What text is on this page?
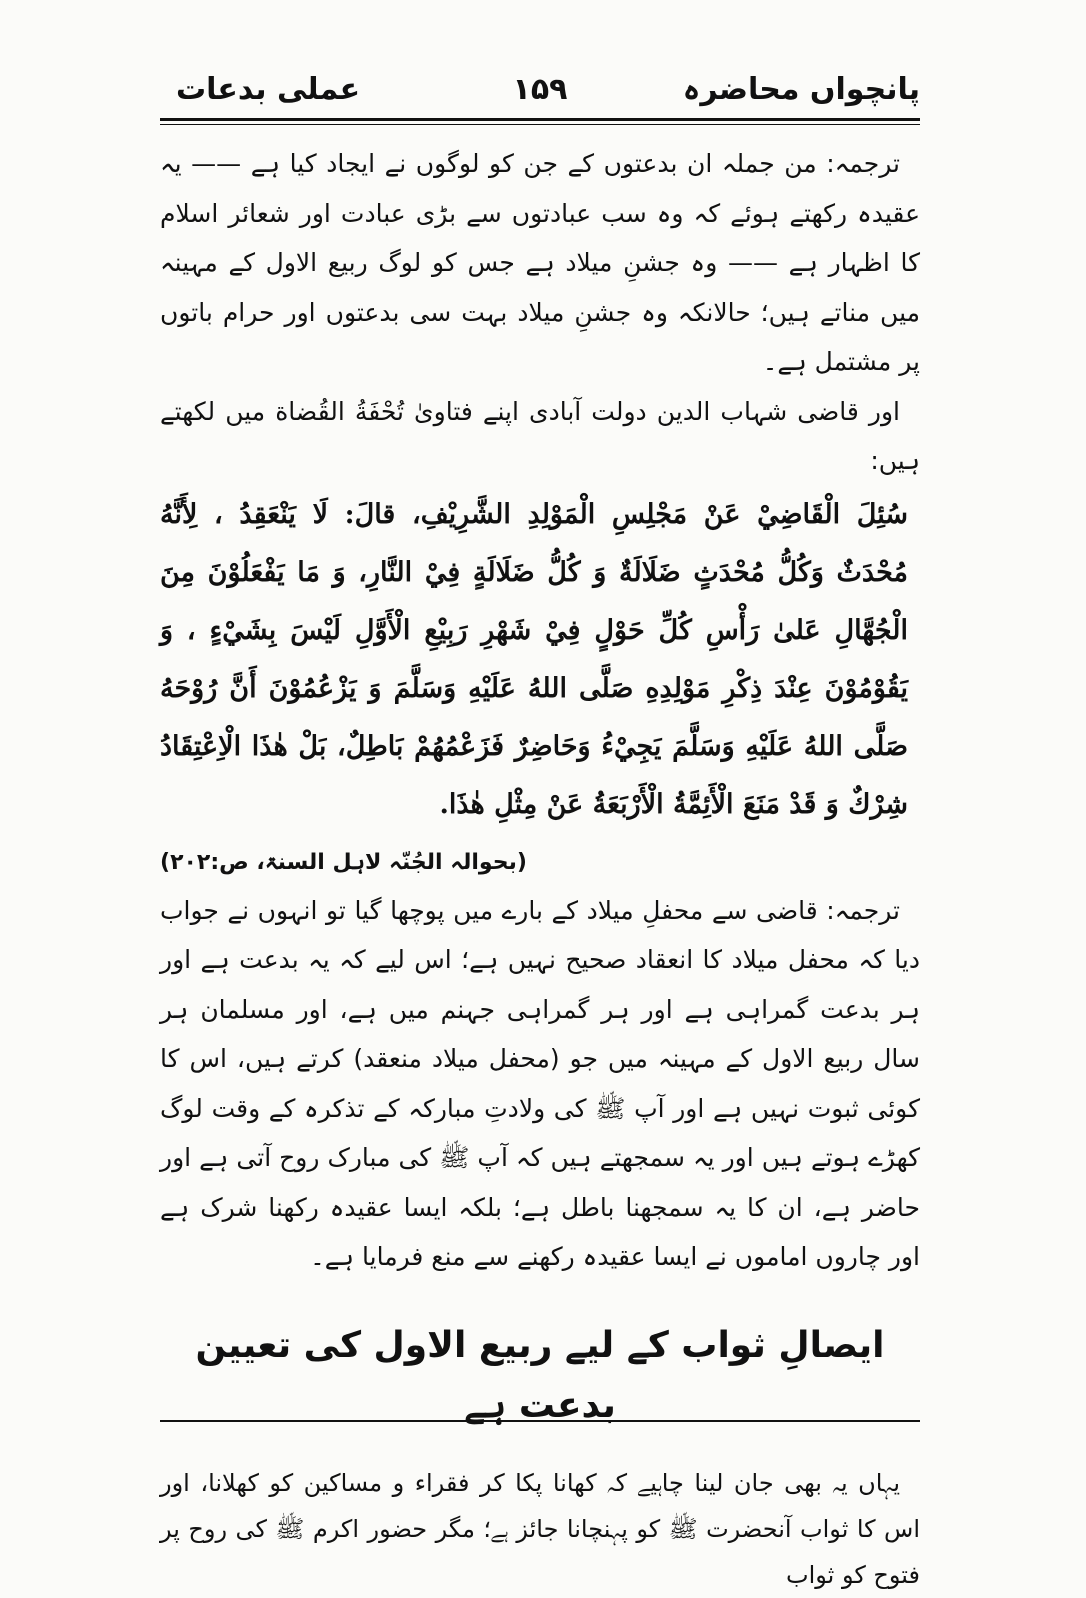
پانچواں محاضرہ
۱۵۹
عملی بدعات

ترجمہ: من جملہ ان بدعتوں کے جن کو لوگوں نے ایجاد کیا ہے —— یہ عقیدہ رکھتے ہوئے کہ وہ سب عبادتوں سے بڑی عبادت اور شعائر اسلام کا اظہار ہے —— وہ جشنِ میلاد ہے جس کو لوگ ربیع الاول کے مہینہ میں مناتے ہیں؛ حالانکہ وہ جشنِ میلاد بہت سی بدعتوں اور حرام باتوں پر مشتمل ہے۔

اور قاضی شہاب الدین دولت آبادی اپنے فتاویٰ تُحْفَةُ القُضاة میں لکھتے ہیں:

سُئِلَ الْقَاضِيْ عَنْ مَجْلِسِ الْمَوْلِدِ الشَّرِيْفِ، قالَ: لَا يَنْعَقِدُ ، لِأَنَّهُ مُحْدَثٌ وَكُلُّ مُحْدَثٍ ضَلَالَةٌ وَ كُلُّ ضَلَالَةٍ فِيْ النَّارِ، وَ مَا يَفْعَلُوْنَ مِنَ الْجُهَّالِ عَلىٰ رَأْسِ كُلِّ حَوْلٍ فِيْ شَهْرِ رَبِيْعِ الْأَوَّلِ لَيْسَ بِشَيْءٍ ، وَ يَقُوْمُوْنَ عِنْدَ ذِكْرِ مَوْلِدِهِ صَلَّى اللهُ عَلَيْهِ وَسَلَّمَ وَ يَزْعُمُوْنَ أَنَّ رُوْحَهُ صَلَّى اللهُ عَلَيْهِ وَسَلَّمَ يَجِيْءُ وَحَاضِرٌ فَزَعْمُهُمْ بَاطِلٌ، بَلْ هٰذَا الْاِعْتِقَادُ شِرْكٌ وَ قَدْ مَنَعَ الْأَئِمَّةُ الْأَرْبَعَةُ عَنْ مِثْلِ هٰذَا.

(بحوالہ الجُنّہ لاہل السنۃ، ص:۲۰۲)

ترجمہ: قاضی سے محفلِ میلاد کے بارے میں پوچھا گیا تو انہوں نے جواب دیا کہ محفل میلاد کا انعقاد صحیح نہیں ہے؛ اس لیے کہ یہ بدعت ہے اور ہر بدعت گمراہی ہے اور ہر گمراہی جہنم میں ہے، اور مسلمان ہر سال ربیع الاول کے مہینہ میں جو (محفل میلاد منعقد) کرتے ہیں، اس کا کوئی ثبوت نہیں ہے اور آپ ﷺ کی ولادتِ مبارکہ کے تذکرہ کے وقت لوگ کھڑے ہوتے ہیں اور یہ سمجھتے ہیں کہ آپ ﷺ کی مبارک روح آتی ہے اور حاضر ہے، ان کا یہ سمجھنا باطل ہے؛ بلکہ ایسا عقیدہ رکھنا شرک ہے اور چاروں اماموں نے ایسا عقیدہ رکھنے سے منع فرمایا ہے۔

ایصالِ ثواب کے لیے ربیع الاول کی تعیین بدعت ہے

یہاں یہ بھی جان لینا چاہیے کہ کھانا پکا کر فقراء و مساکین کو کھلانا، اور اس کا ثواب آنحضرت ﷺ کو پہنچانا جائز ہے؛ مگر حضور اکرم ﷺ کی روح پر فتوح کو ثواب
